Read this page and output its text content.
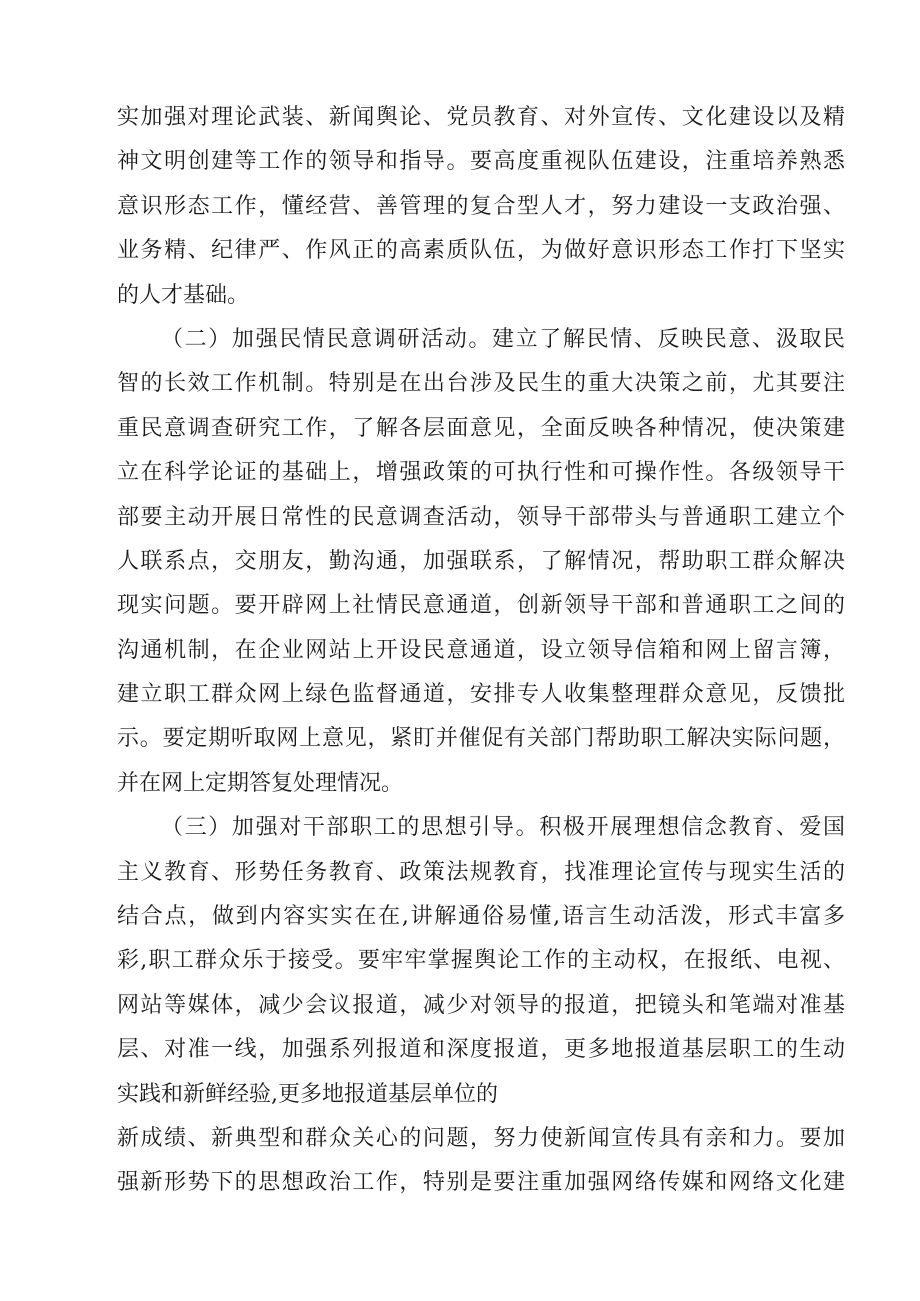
实加强对理论武装、新闻舆论、党员教育、对外宣传、文化建设以及精
神文明创建等工作的领导和指导。要高度重视队伍建设，注重培养熟悉
意识形态工作，懂经营、善管理的复合型人才，努力建设一支政治强、
业务精、纪律严、作风正的高素质队伍，为做好意识形态工作打下坚实
的人才基础。
（二）加强民情民意调研活动。建立了解民情、反映民意、汲取民
智的长效工作机制。特别是在出台涉及民生的重大决策之前，尤其要注
重民意调查研究工作，了解各层面意见，全面反映各种情况，使决策建
立在科学论证的基础上，增强政策的可执行性和可操作性。各级领导干
部要主动开展日常性的民意调查活动，领导干部带头与普通职工建立个
人联系点，交朋友，勤沟通，加强联系，了解情况，帮助职工群众解决
现实问题。要开辟网上社情民意通道，创新领导干部和普通职工之间的
沟通机制，在企业网站上开设民意通道，设立领导信箱和网上留言簿，
建立职工群众网上绿色监督通道，安排专人收集整理群众意见，反馈批
示。要定期听取网上意见，紧盯并催促有关部门帮助职工解决实际问题，
并在网上定期答复处理情况。
（三）加强对干部职工的思想引导。积极开展理想信念教育、爱国
主义教育、形势任务教育、政策法规教育，找准理论宣传与现实生活的
结合点，做到内容实实在在,讲解通俗易懂,语言生动活泼，形式丰富多
彩,职工群众乐于接受。要牢牢掌握舆论工作的主动权，在报纸、电视、
网站等媒体，减少会议报道，减少对领导的报道，把镜头和笔端对准基
层、对准一线，加强系列报道和深度报道，更多地报道基层职工的生动
实践和新鲜经验,更多地报道基层单位的
新成绩、新典型和群众关心的问题，努力使新闻宣传具有亲和力。要加
强新形势下的思想政治工作，特别是要注重加强网络传媒和网络文化建
